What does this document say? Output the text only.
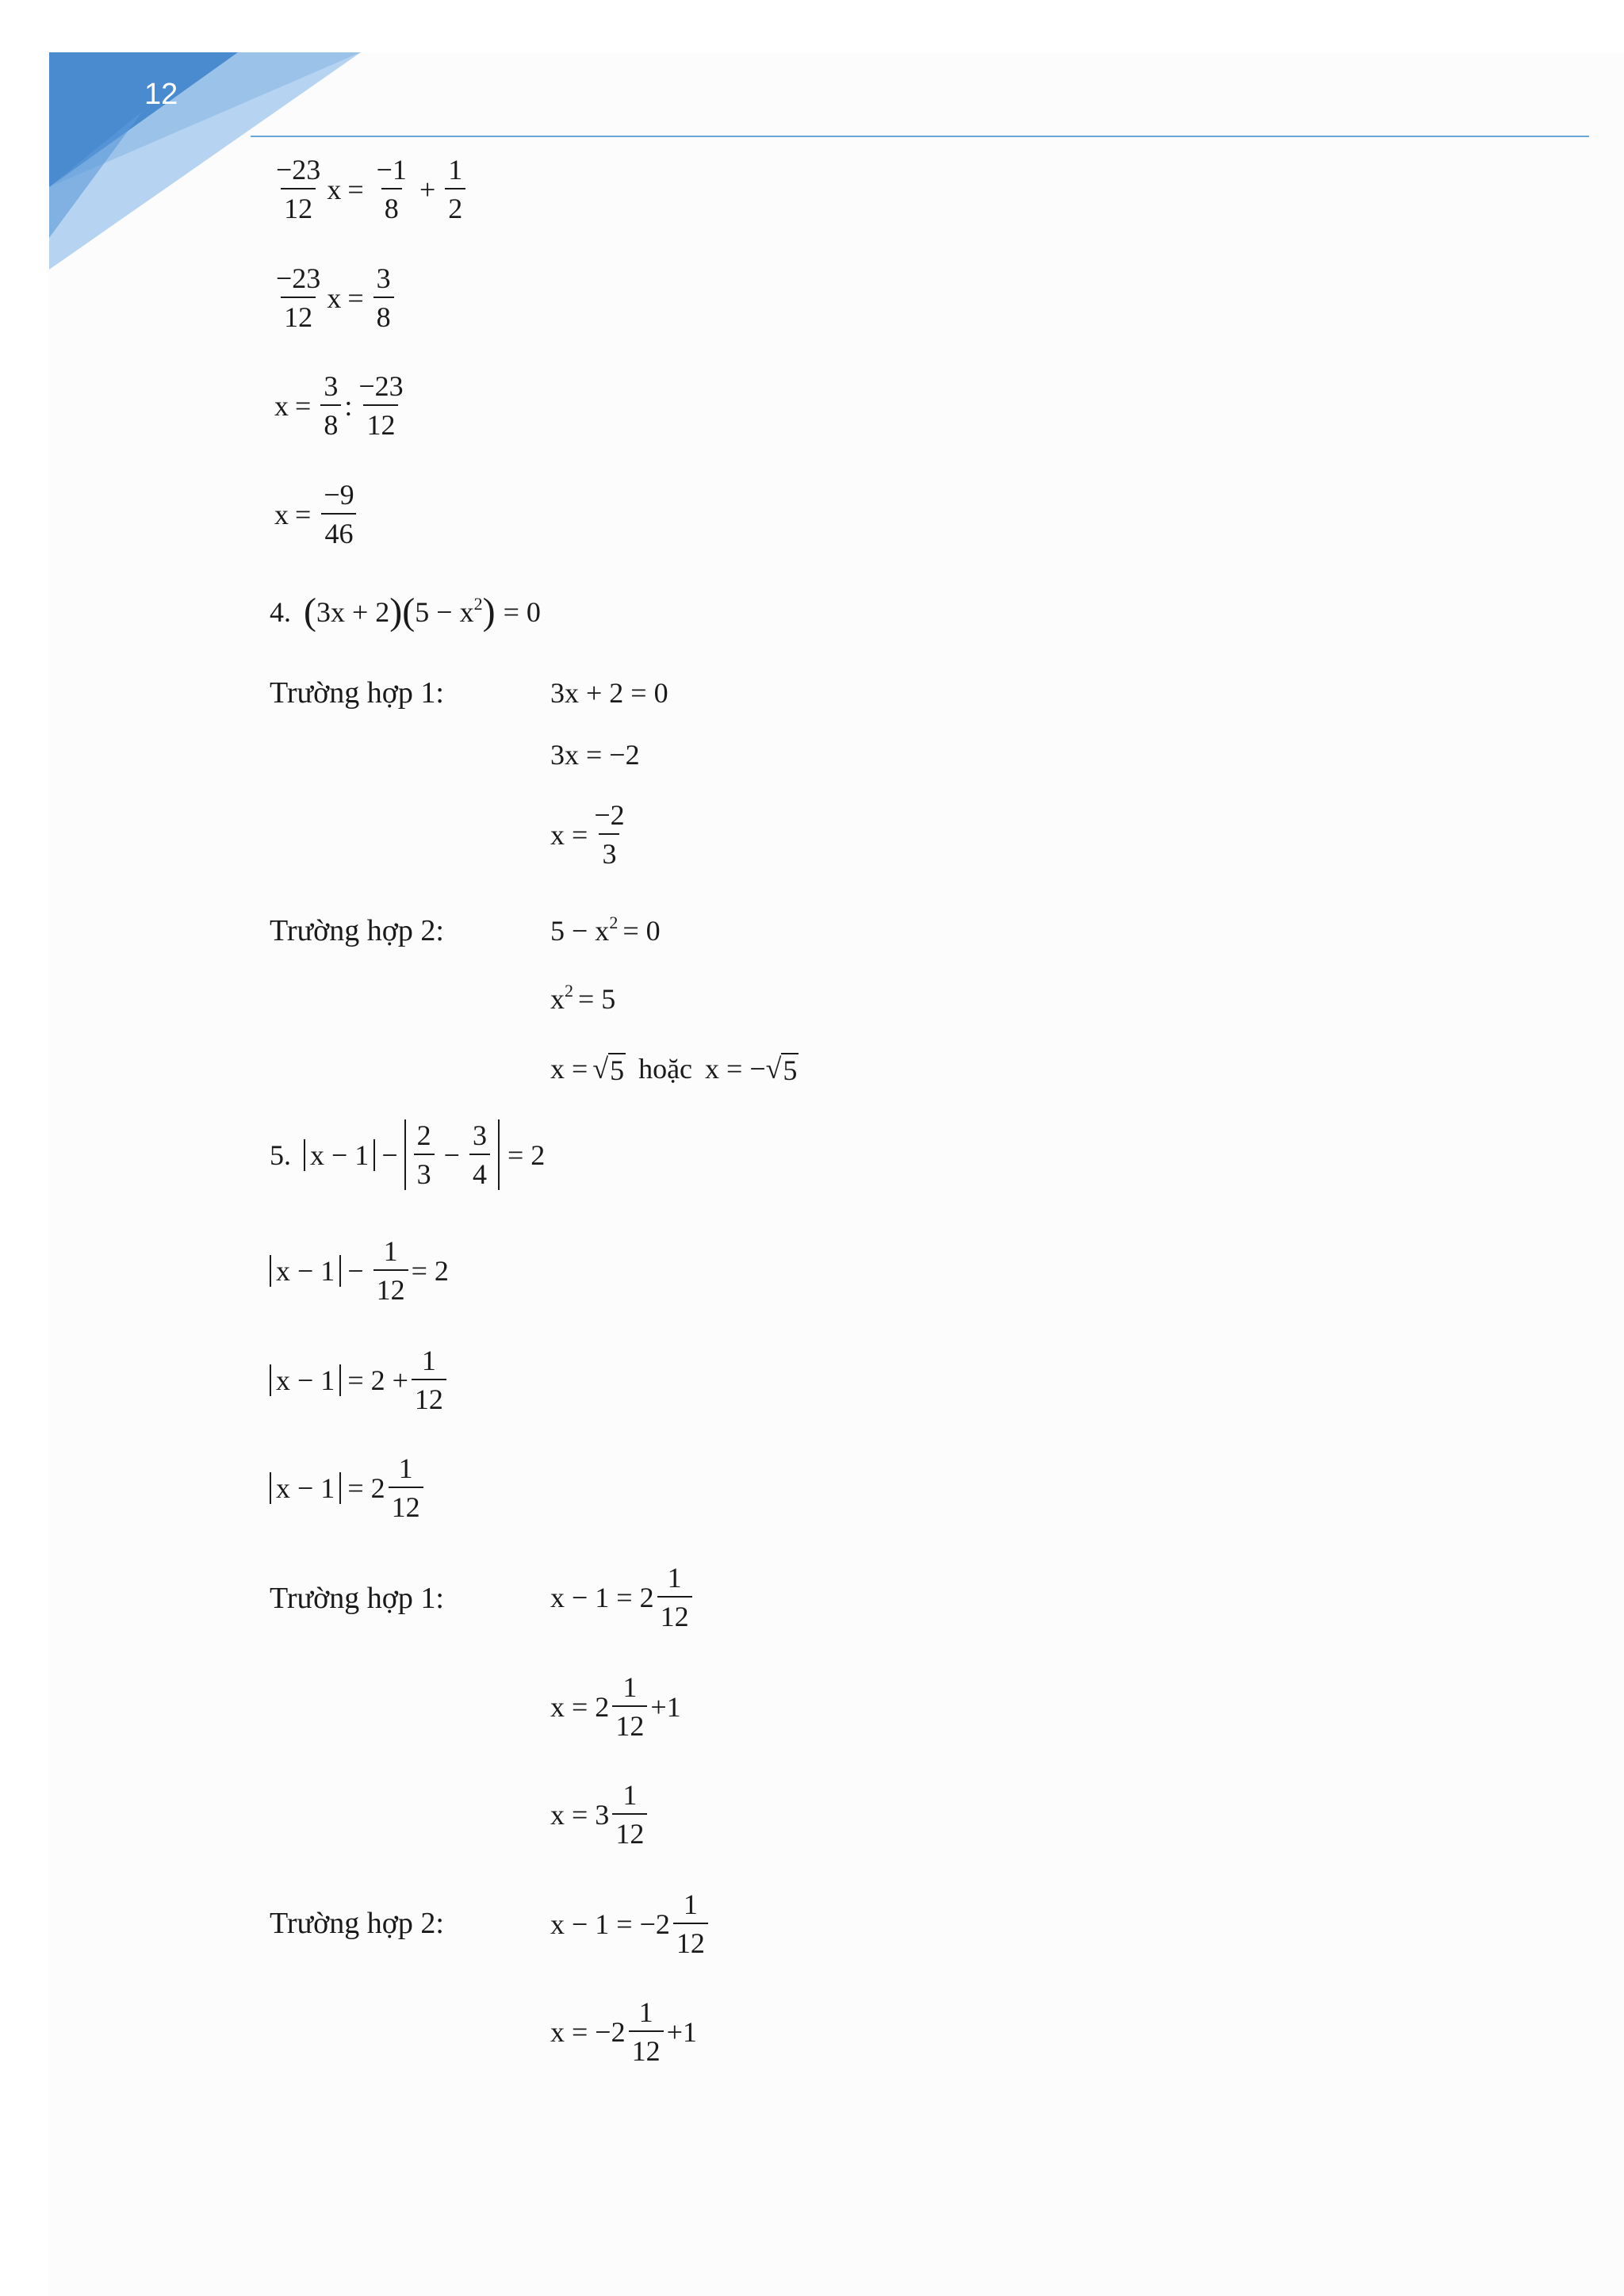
12
$\frac{-23}{12}$ $x = \frac{-1}{8} + \frac{1}{2}$
$\frac{-23}{12}$ $x = \frac{3}{8}$
$x = \frac{3}{8}$ : $\frac{-23}{12}$
$x = \frac{-9}{46}$
4. ( 3x + 2 ) ( 5 − x 2 ) = 0
Trường hợp 1:	3x + 2 = 0
3x = −2
$x = \frac{-2}{3}$
Trường hợp 2:	5 − x 2 = 0
x 2 = 5
x = √ 5 hoặc x = − √ 5
5. $x - 1 - \frac{2}{3} - \frac{3}{4} = 2$
$x - 1 - \frac{1}{12} = 2$
$x - 1 = 2 + \frac{1}{12}$
$x - 1 = 2 \frac{1}{12}$
Trường hợp 1:	$x - 1 = 2 \frac{1}{12}$
$x = 2 \frac{1}{12} +1$
$x = 3 \frac{1}{12}$
Trường hợp 2:	$x - 1 = -2 \frac{1}{12}$
$x = -2 \frac{1}{12} +1$
